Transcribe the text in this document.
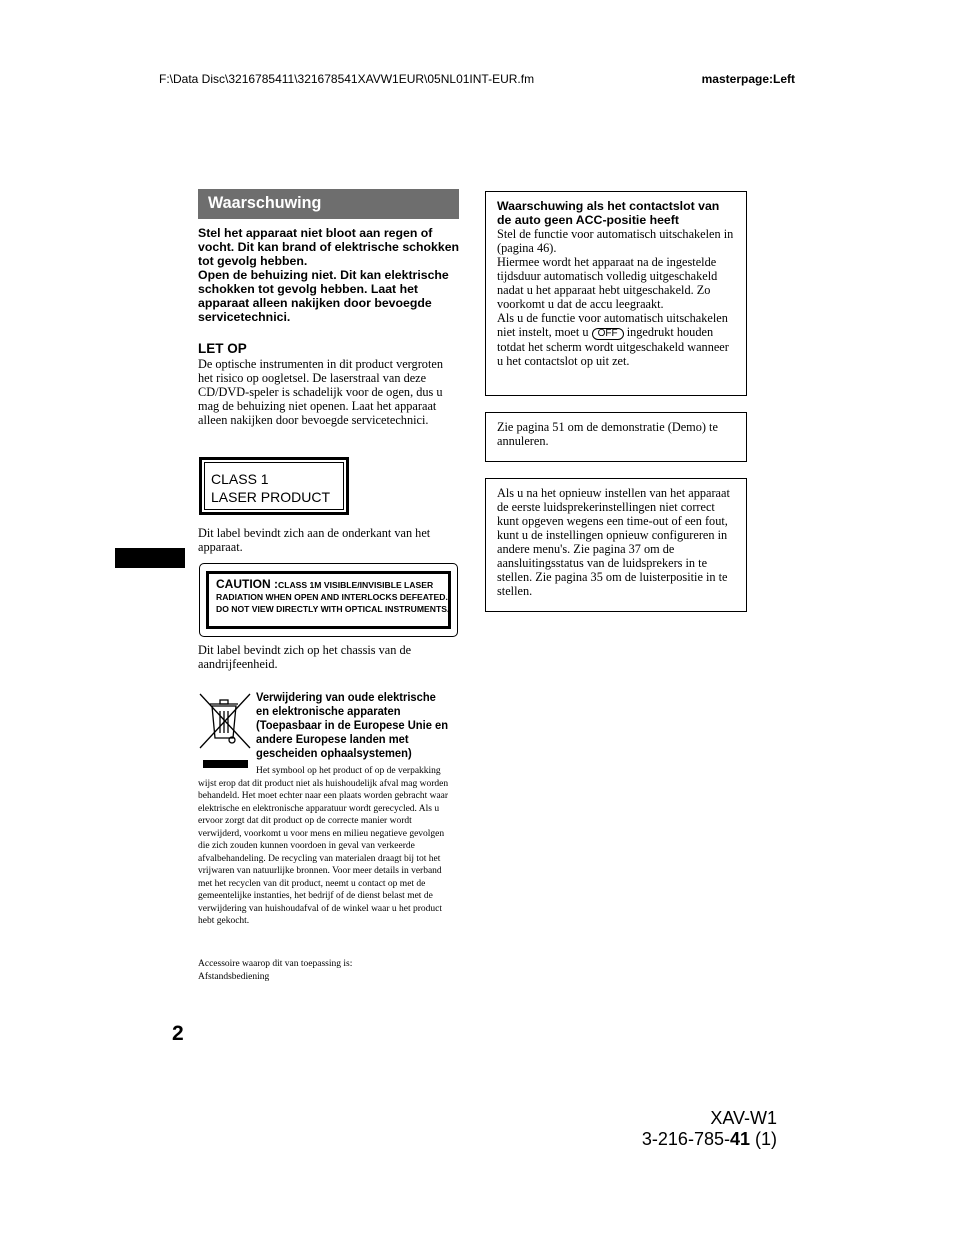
F:\Data Disc\3216785411\321678541XAVW1EUR\05NL01INT-EUR.fm	masterpage:Left
Waarschuwing

Stel het apparaat niet bloot aan regen of vocht. Dit kan brand of elektrische schokken tot gevolg hebben.

Open de behuizing niet. Dit kan elektrische schokken tot gevolg hebben. Laat het apparaat alleen nakijken door bevoegde servicetechnici.

LET OP
De optische instrumenten in dit product vergroten het risico op oogletsel. De laserstraal van deze CD/DVD-speler is schadelijk voor de ogen, dus u mag de behuizing niet openen. Laat het apparaat alleen nakijken door bevoegde servicetechnici.
CLASS 1
LASER PRODUCT
Dit label bevindt zich aan de onderkant van het apparaat.
CAUTION :CLASS 1M VISIBLE/INVISIBLE LASER
RADIATION WHEN OPEN AND INTERLOCKS DEFEATED.
DO NOT VIEW DIRECTLY WITH OPTICAL INSTRUMENTS.
Dit label bevindt zich op het chassis van de aandrijfeenheid.
Verwijdering van oude elektrische
en elektronische apparaten
(Toepasbaar in de Europese Unie en
andere Europese landen met
gescheiden ophaalsystemen)
Het symbool op het product of op de verpakking wijst erop dat dit product niet als huishoudelijk afval mag worden behandeld. Het moet echter naar een plaats worden gebracht waar elektrische en elektronische apparatuur wordt gerecycled. Als u ervoor zorgt dat dit product op de correcte manier wordt verwijderd, voorkomt u voor mens en milieu negatieve gevolgen die zich zouden kunnen voordoen in geval van verkeerde afvalbehandeling. De recycling van materialen draagt bij tot het vrijwaren van natuurlijke bronnen. Voor meer details in verband met het recyclen van dit product, neemt u contact op met de gemeentelijke instanties, het bedrijf of de dienst belast met de verwijdering van huishoudafval of de winkel waar u het product hebt gekocht.
Accessoire waarop dit van toepassing is:
Afstandsbediening
Waarschuwing als het contactslot van de auto geen ACC-positie heeft

Stel de functie voor automatisch uitschakelen in (pagina 46).

Hiermee wordt het apparaat na de ingestelde tijdsduur automatisch volledig uitgeschakeld nadat u het apparaat hebt uitgeschakeld. Zo voorkomt u dat de accu leegraakt.

Als u de functie voor automatisch uitschakelen niet instelt, moet u OFF ingedrukt houden totdat het scherm wordt uitgeschakeld wanneer u het contactslot op uit zet.

Zie pagina 51 om de demonstratie (Demo) te annuleren.

Als u na het opnieuw instellen van het apparaat de eerste luidsprekerinstellingen niet correct kunt opgeven wegens een time-out of een fout, kunt u de instellingen opnieuw configureren in andere menu's. Zie pagina 37 om de aansluitingsstatus van de luidsprekers in te stellen. Zie pagina 35 om de luisterpositie in te stellen.

2
XAV-W1
3-216-785-41 (1)
